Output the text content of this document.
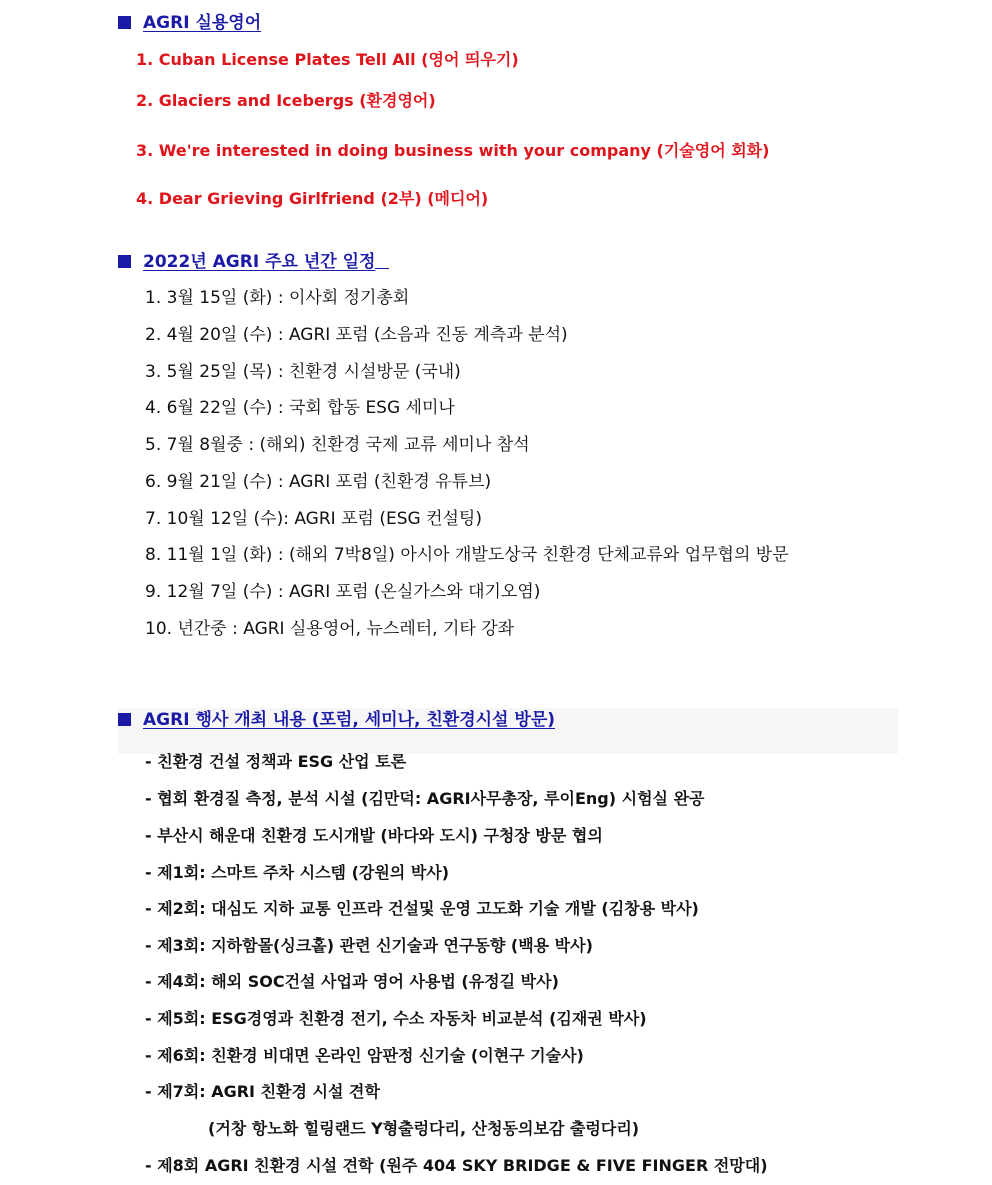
AGRI 실용영어
1. Cuban License Plates Tell All (영어 띄우기)
2. Glaciers and Icebergs (환경영어)
3. We're interested in doing business with your company (기술영어 회화)
4. Dear Grieving Girlfriend (2부) (메디어)
2022년 AGRI 주요 년간 일정
1. 3월 15일 (화) : 이사회 정기총회
2. 4월 20일 (수) : AGRI 포럼 (소음과 진동 계측과 분석)
3. 5월 25일 (목) : 친환경 시설방문 (국내)
4. 6월 22일 (수) : 국회 합동 ESG 세미나
5. 7월 8월중 : (해외) 친환경 국제 교류 세미나 참석
6. 9월 21일 (수) : AGRI 포럼 (친환경 유튜브)
7. 10월 12일 (수): AGRI 포럼 (ESG 컨설팅)
8. 11월 1일 (화) : (해외 7박8일) 아시아 개발도상국 친환경 단체교류와 업무협의 방문
9. 12월 7일 (수) : AGRI 포럼 (온실가스와 대기오염)
10. 년간중 : AGRI 실용영어, 뉴스레터, 기타 강좌
AGRI 행사 개최 내용 (포럼, 세미나, 친환경시설 방문)
- 친환경 건설 정책과 ESG 산업 토론
- 협회 환경질 측정, 분석 시설 (김만덕: AGRI사무총장, 루이Eng) 시험실 완공
- 부산시 해운대 친환경 도시개발 (바다와 도시) 구청장 방문 협의
- 제1회: 스마트 주차 시스템 (강원의 박사)
- 제2회: 대심도 지하 교통 인프라 건설및 운영 고도화 기술 개발 (김창용 박사)
- 제3회: 지하함몰(싱크홀) 관련 신기술과 연구동향 (백용 박사)
- 제4회: 해외 SOC건설 사업과 영어 사용법 (유정길 박사)
- 제5회: ESG경영과 친환경 전기, 수소 자동차 비교분석 (김재권 박사)
- 제6회: 친환경 비대면 온라인 암판정 신기술 (이현구 기술사)
- 제7회: AGRI 친환경 시설 견학
(거창 항노화 힐링랜드 Y형출렁다리, 산청동의보감 출렁다리)
- 제8회 AGRI 친환경 시설 견학 (원주 404 SKY BRIDGE & FIVE FINGER 전망대)
